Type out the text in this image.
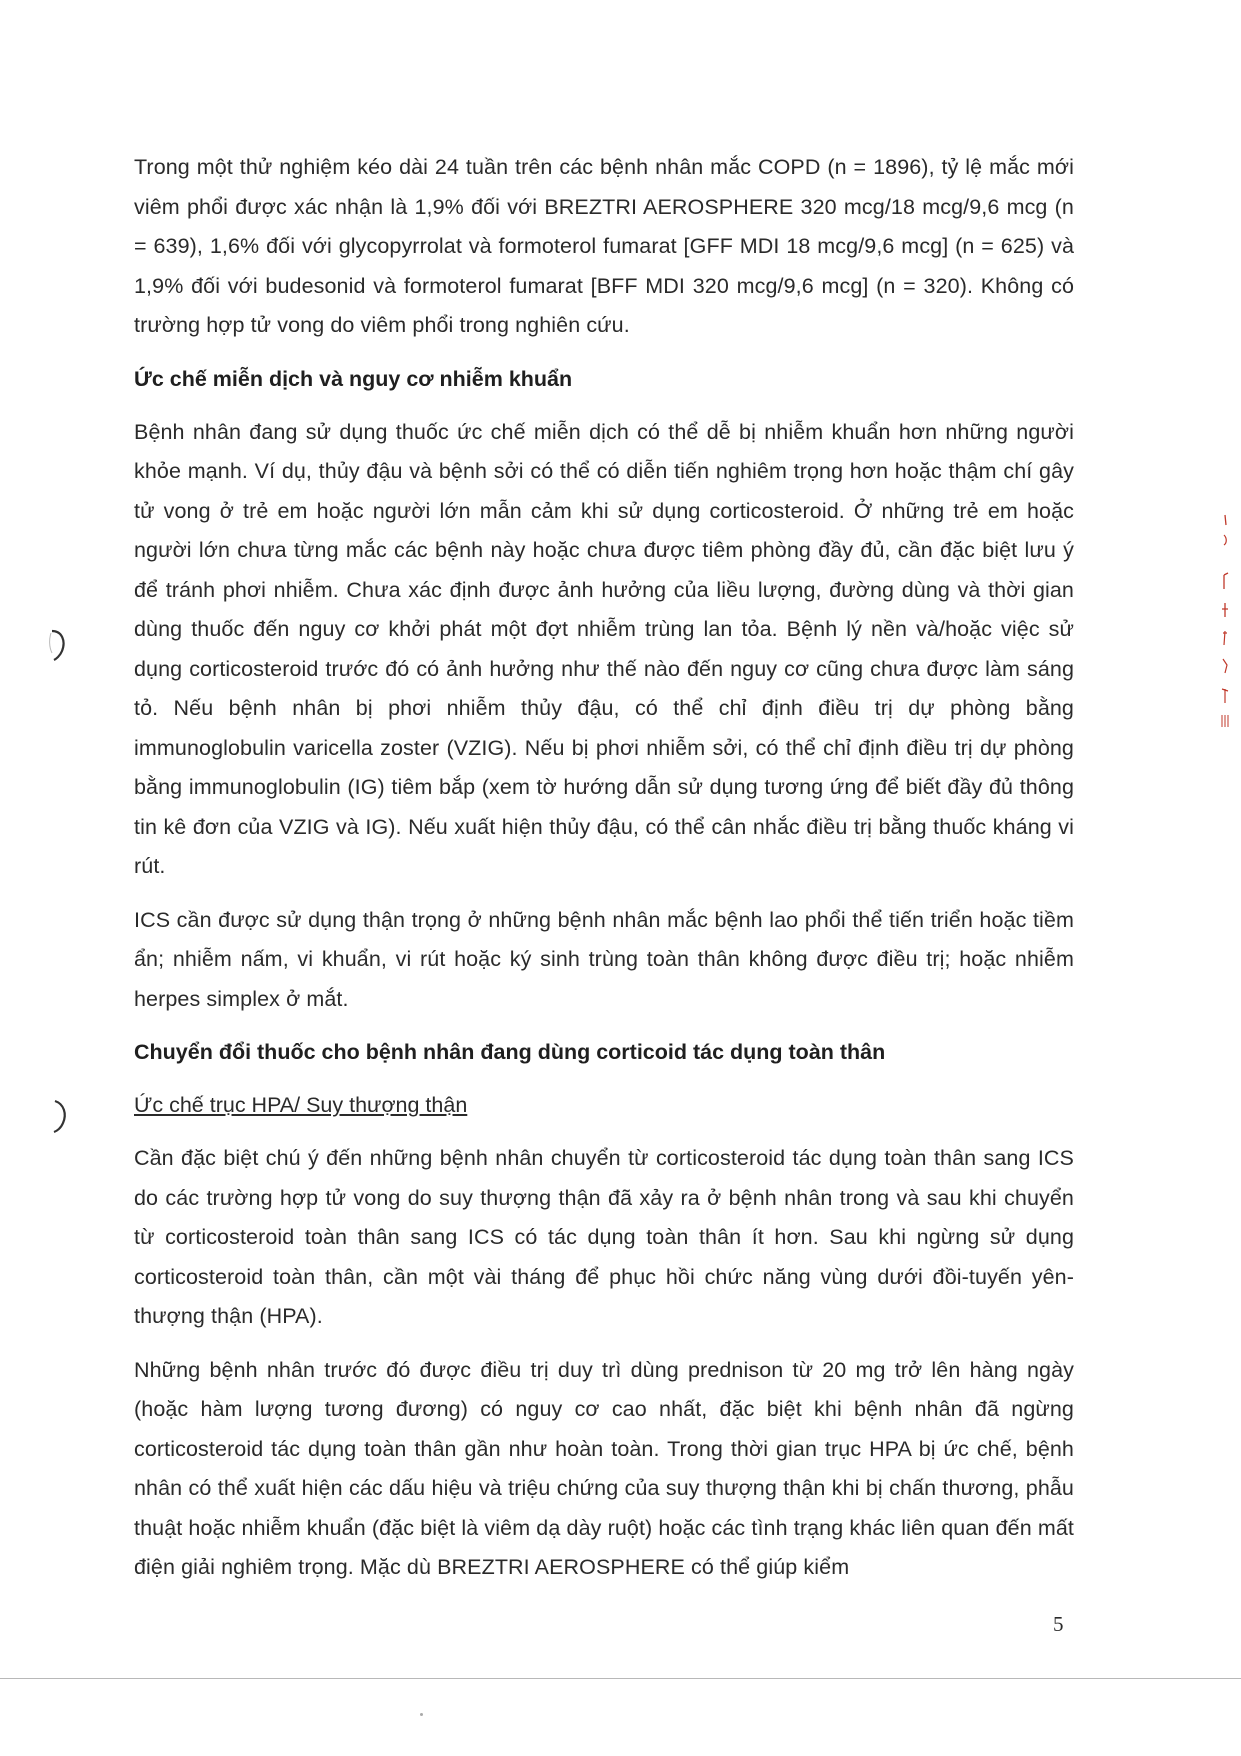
Trong một thử nghiệm kéo dài 24 tuần trên các bệnh nhân mắc COPD (n = 1896), tỷ lệ mắc mới viêm phổi được xác nhận là 1,9% đối với BREZTRI AEROSPHERE 320 mcg/18 mcg/9,6 mcg (n = 639), 1,6% đối với glycopyrrolat và formoterol fumarat [GFF MDI 18 mcg/9,6 mcg] (n = 625) và 1,9% đối với budesonid và formoterol fumarat [BFF MDI 320 mcg/9,6 mcg] (n = 320). Không có trường hợp tử vong do viêm phổi trong nghiên cứu.

Ức chế miễn dịch và nguy cơ nhiễm khuẩn

Bệnh nhân đang sử dụng thuốc ức chế miễn dịch có thể dễ bị nhiễm khuẩn hơn những người khỏe mạnh. Ví dụ, thủy đậu và bệnh sởi có thể có diễn tiến nghiêm trọng hơn hoặc thậm chí gây tử vong ở trẻ em hoặc người lớn mẫn cảm khi sử dụng corticosteroid. Ở những trẻ em hoặc người lớn chưa từng mắc các bệnh này hoặc chưa được tiêm phòng đầy đủ, cần đặc biệt lưu ý để tránh phơi nhiễm. Chưa xác định được ảnh hưởng của liều lượng, đường dùng và thời gian dùng thuốc đến nguy cơ khởi phát một đợt nhiễm trùng lan tỏa. Bệnh lý nền và/hoặc việc sử dụng corticosteroid trước đó có ảnh hưởng như thế nào đến nguy cơ cũng chưa được làm sáng tỏ. Nếu bệnh nhân bị phơi nhiễm thủy đậu, có thể chỉ định điều trị dự phòng bằng immunoglobulin varicella zoster (VZIG). Nếu bị phơi nhiễm sởi, có thể chỉ định điều trị dự phòng bằng immunoglobulin (IG) tiêm bắp (xem tờ hướng dẫn sử dụng tương ứng để biết đầy đủ thông tin kê đơn của VZIG và IG). Nếu xuất hiện thủy đậu, có thể cân nhắc điều trị bằng thuốc kháng vi rút.

ICS cần được sử dụng thận trọng ở những bệnh nhân mắc bệnh lao phổi thể tiến triển hoặc tiềm ẩn; nhiễm nấm, vi khuẩn, vi rút hoặc ký sinh trùng toàn thân không được điều trị; hoặc nhiễm herpes simplex ở mắt.

Chuyển đổi thuốc cho bệnh nhân đang dùng corticoid tác dụng toàn thân
Ức chế trục HPA/ Suy thượng thận

Cần đặc biệt chú ý đến những bệnh nhân chuyển từ corticosteroid tác dụng toàn thân sang ICS do các trường hợp tử vong do suy thượng thận đã xảy ra ở bệnh nhân trong và sau khi chuyển từ corticosteroid toàn thân sang ICS có tác dụng toàn thân ít hơn. Sau khi ngừng sử dụng corticosteroid toàn thân, cần một vài tháng để phục hồi chức năng vùng dưới đồi-tuyến yên-thượng thận (HPA).

Những bệnh nhân trước đó được điều trị duy trì dùng prednison từ 20 mg trở lên hàng ngày (hoặc hàm lượng tương đương) có nguy cơ cao nhất, đặc biệt khi bệnh nhân đã ngừng corticosteroid tác dụng toàn thân gần như hoàn toàn. Trong thời gian trục HPA bị ức chế, bệnh nhân có thể xuất hiện các dấu hiệu và triệu chứng của suy thượng thận khi bị chấn thương, phẫu thuật hoặc nhiễm khuẩn (đặc biệt là viêm dạ dày ruột) hoặc các tình trạng khác liên quan đến mất điện giải nghiêm trọng. Mặc dù BREZTRI AEROSPHERE có thể giúp kiểm

5
